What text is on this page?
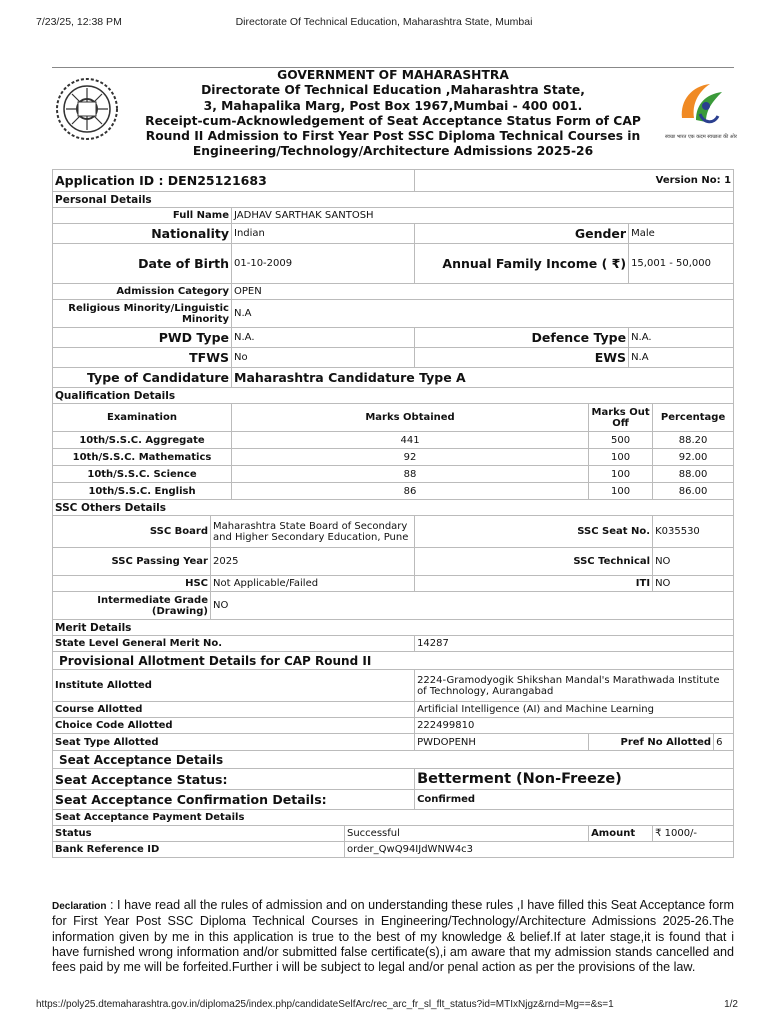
7/23/25, 12:38 PM	Directorate Of Technical Education, Maharashtra State, Mumbai
GOVERNMENT OF MAHARASHTRA
Directorate Of Technical Education ,Maharashtra State,
3, Mahapalika Marg, Post Box 1967,Mumbai - 400 001.
Receipt-cum-Acknowledgement of Seat Acceptance Status Form of CAP
Round II Admission to First Year Post SSC Diploma Technical Courses in
Engineering/Technology/Architecture Admissions 2025-26
स्वच्छ भारत एक कदम स्वच्छता की ओर
Application ID : DEN25121683				Version No: 1				
Personal Details								
Full Name		JADHAV SARTHAK SANTOSH						
Nationality		Indian		Gender		Male		
Date of Birth		01-10-2009		Annual Family Income ( ₹)		15,001 - 50,000		
Admission Category		OPEN						
Religious Minority/Linguistic Minority		N.A						
PWD Type		N.A.		Defence Type		N.A.		
TFWS		No		EWS		N.A		
Type of Candidature		Maharashtra Candidature Type A						
Qualification Details								
Examination		Marks Obtained			Marks Out Off		Percentage	
10th/S.S.C. Aggregate		441			500		88.20	
10th/S.S.C. Mathematics		92			100		92.00	
10th/S.S.C. Science		88			100		88.00	
10th/S.S.C. English		86			100		86.00	
SSC Others Details								
SSC Board	Maharashtra State Board of Secondary and Higher Secondary Education, Pune			SSC Seat No.			K035530	
SSC Passing Year	2025			SSC Technical			NO	
HSC	Not Applicable/Failed			ITI			NO	
Intermediate Grade (Drawing)	NO							
Merit Details								
State Level General Merit No.				14287				
Provisional Allotment Details for CAP Round II								
Institute Allotted				2224-Gramodyogik Shikshan Mandal's Marathwada Institute of Technology, Aurangabad				
Course Allotted				Artificial Intelligence (AI) and Machine Learning				
Choice Code Allotted				222499810				
Seat Type Allotted				PWDOPENH	Pref No Allotted			6
Seat Acceptance Details								
Seat Acceptance Status:				Betterment (Non-Freeze)				
Seat Acceptance Confirmation Details:				Confirmed				
Seat Acceptance Payment Details								
Status			Successful		Amount		₹ 1000/-	
Bank Reference ID			order_QwQ94IJdWNW4c3					
Declaration : I have read all the rules of admission and on understanding these rules ,I have filled this Seat Acceptance form for First Year Post SSC Diploma Technical Courses in Engineering/Technology/Architecture Admissions 2025-26.The information given by me in this application is true to the best of my knowledge & belief.If at later stage,it is found that i have furnished wrong information and/or submitted false certificate(s),i am aware that my admission stands cancelled and fees paid by me will be forfeited.Further i will be subject to legal and/or penal action as per the provisions of the law.
https://poly25.dtemaharashtra.gov.in/diploma25/index.php/candidateSelfArc/rec_arc_fr_sl_flt_status?id=MTIxNjgz&rnd=Mg==&s=1	1/2
